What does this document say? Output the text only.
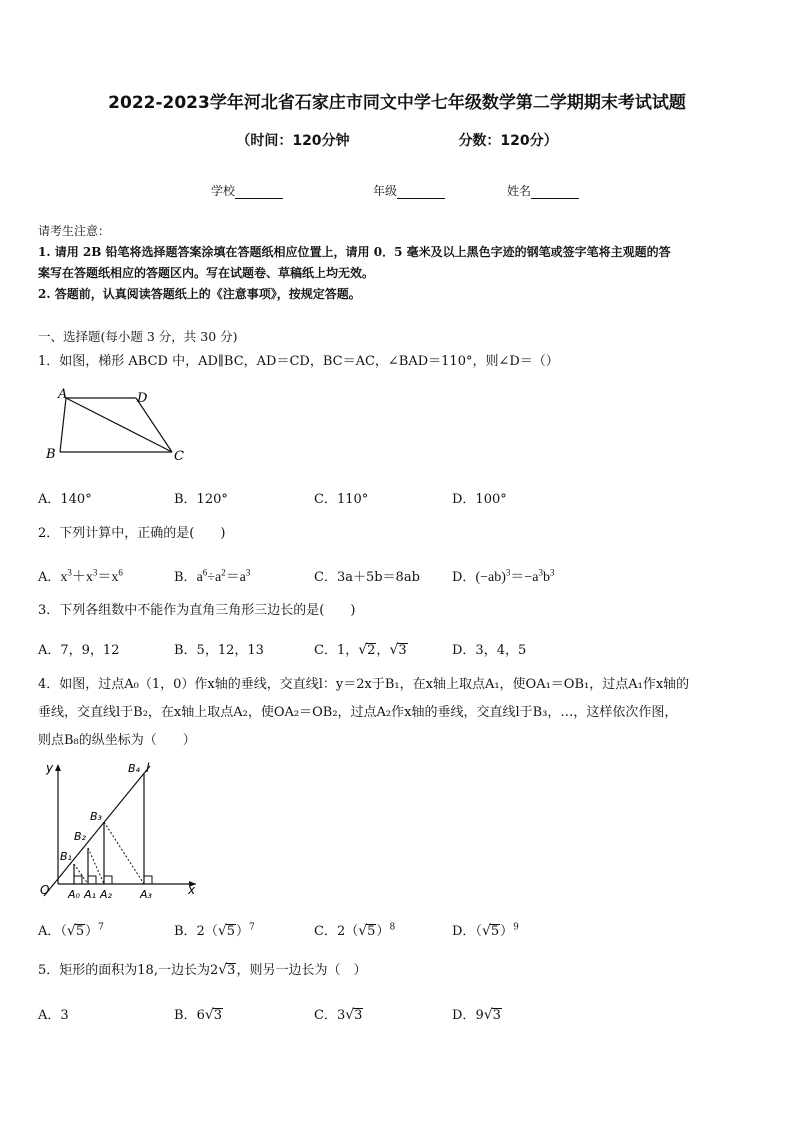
2022-2023学年河北省石家庄市同文中学七年级数学第二学期期末考试试题
（时间：120分钟	分数：120分）
学校	年级	姓名
请考生注意：
1. 请用 2B 铅笔将选择题答案涂填在答题纸相应位置上，请用 0．5 毫米及以上黑色字迹的钢笔或签字笔将主观题的答
案写在答题纸相应的答题区内。写在试题卷、草稿纸上均无效。
2. 答题前，认真阅读答题纸上的《注意事项》，按规定答题。
一、选择题(每小题 3 分，共 30 分)
1．如图，梯形 ABCD 中，AD∥BC，AD＝CD，BC＝AC，∠BAD＝110°，则∠D＝（）
A	D
B	C
A．140°	B．120°	C．110°	D．100°
2．下列计算中，正确的是(　　)
A．$x^3+x^3=x^6$	B．$a^6\div a^2=a^3$	C．3a＋5b＝8ab D．$(-ab)^3=-a^3b^3$
3．下列各组数中不能作为直角三角形三边长的是(　　)
A．7，9，12	B．5，12，13	C．1，√2，√3	D．3，4，5
4．如图，过点A₀（1，0）作x轴的垂线，交直线l：y＝2x于B₁，在x轴上取点A₁，使OA₁＝OB₁，过点A₁作x轴的
垂线，交直线l于B₂，在x轴上取点A₂，使OA₂＝OB₂，过点A₂作x轴的垂线，交直线l于B₃，…，这样依次作图，
则点B₈的纵坐标为（　　）
y
x
O
l
B₄
B₃
B₂
B₁
A₀ A₁ A₂	A₃
A．$(√5)^7$	B．$2(√5)^7$	C．$2(√5)^8$	D．$(√5)^9$
5．矩形的面积为18,一边长为2√3，则另一边长为（　）
A．3	B．6√3	C．3√3	D．9√3
